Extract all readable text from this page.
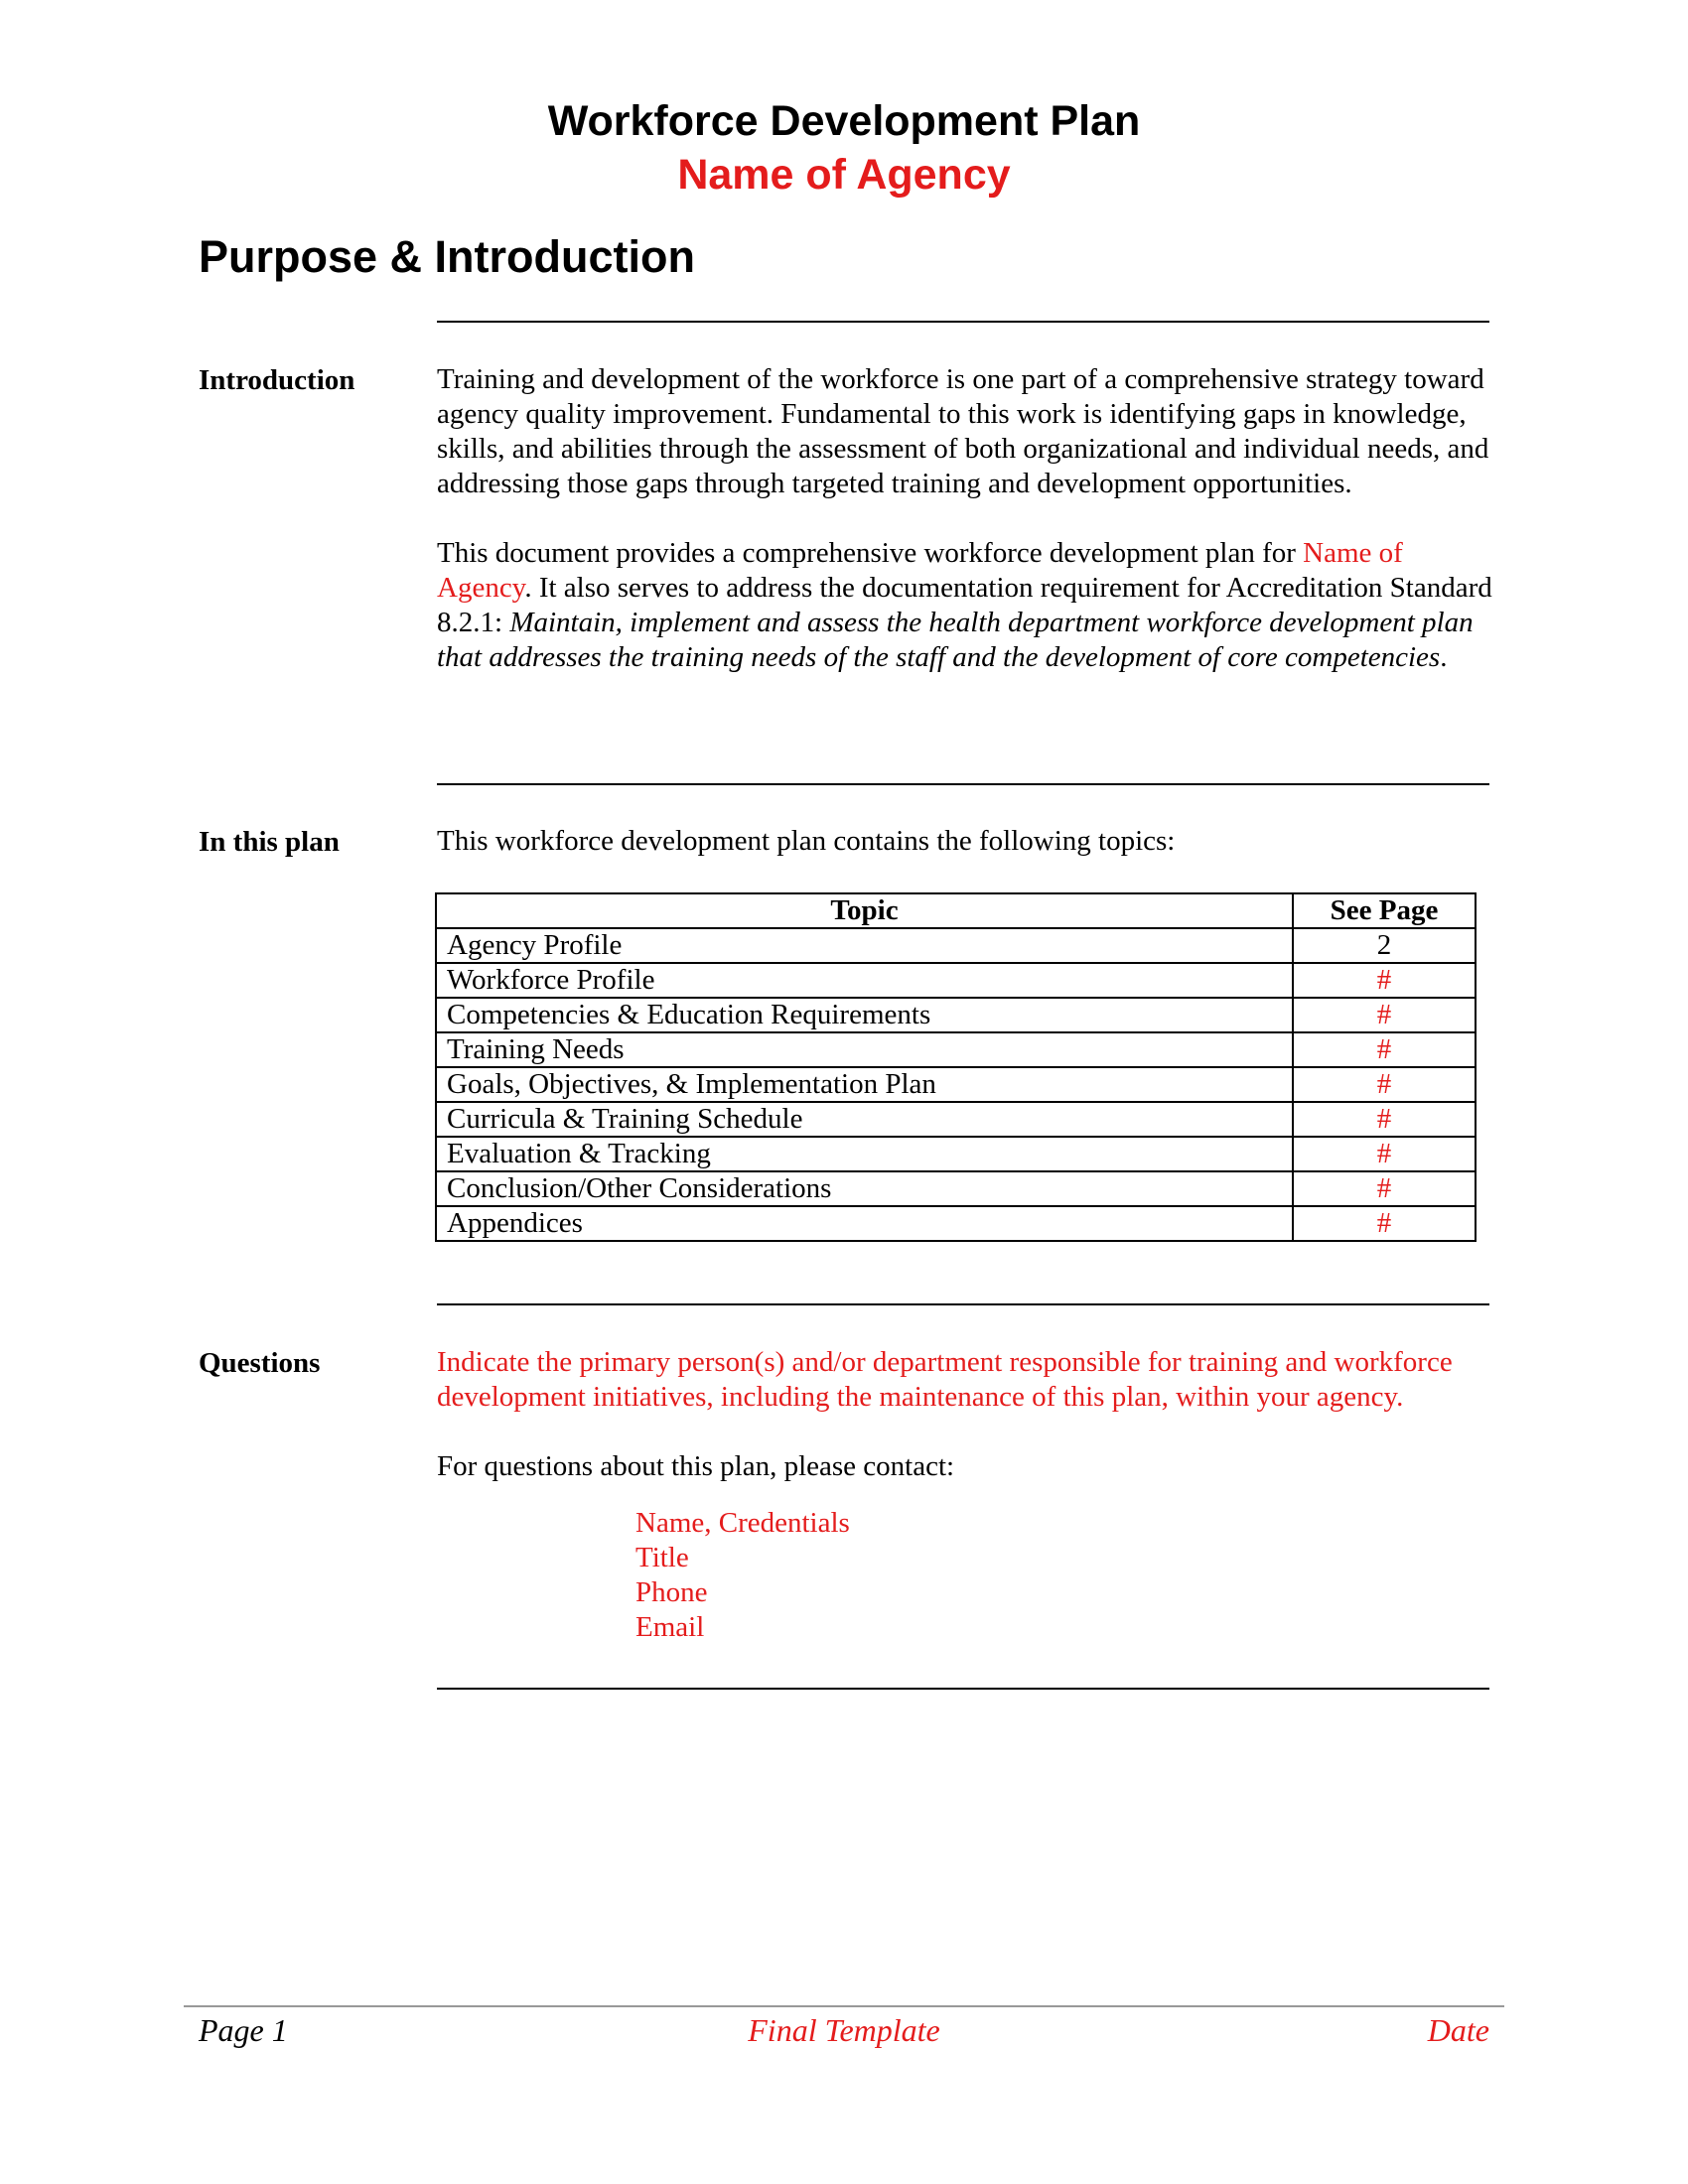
Workforce Development Plan
Name of Agency
Purpose & Introduction
Introduction	Training and development of the workforce is one part of a comprehensive strategy toward agency quality improvement. Fundamental to this work is identifying gaps in knowledge, skills, and abilities through the assessment of both organizational and individual needs, and addressing those gaps through targeted training and development opportunities.

This document provides a comprehensive workforce development plan for Name of Agency. It also serves to address the documentation requirement for Accreditation Standard 8.2.1: Maintain, implement and assess the health department workforce development plan that addresses the training needs of the staff and the development of core competencies.

In this plan	This workforce development plan contains the following topics:
Topic	See Page
Agency Profile	2
Workforce Profile	#
Competencies & Education Requirements	#
Training Needs	#
Goals, Objectives, & Implementation Plan	#
Curricula & Training Schedule	#
Evaluation & Tracking	#
Conclusion/Other Considerations	#
Appendices	#
Questions	Indicate the primary person(s) and/or department responsible for training and workforce development initiatives, including the maintenance of this plan, within your agency.

For questions about this plan, please contact:

Name, Credentials
Title
Phone
Email
Page 1	Final Template	Date
